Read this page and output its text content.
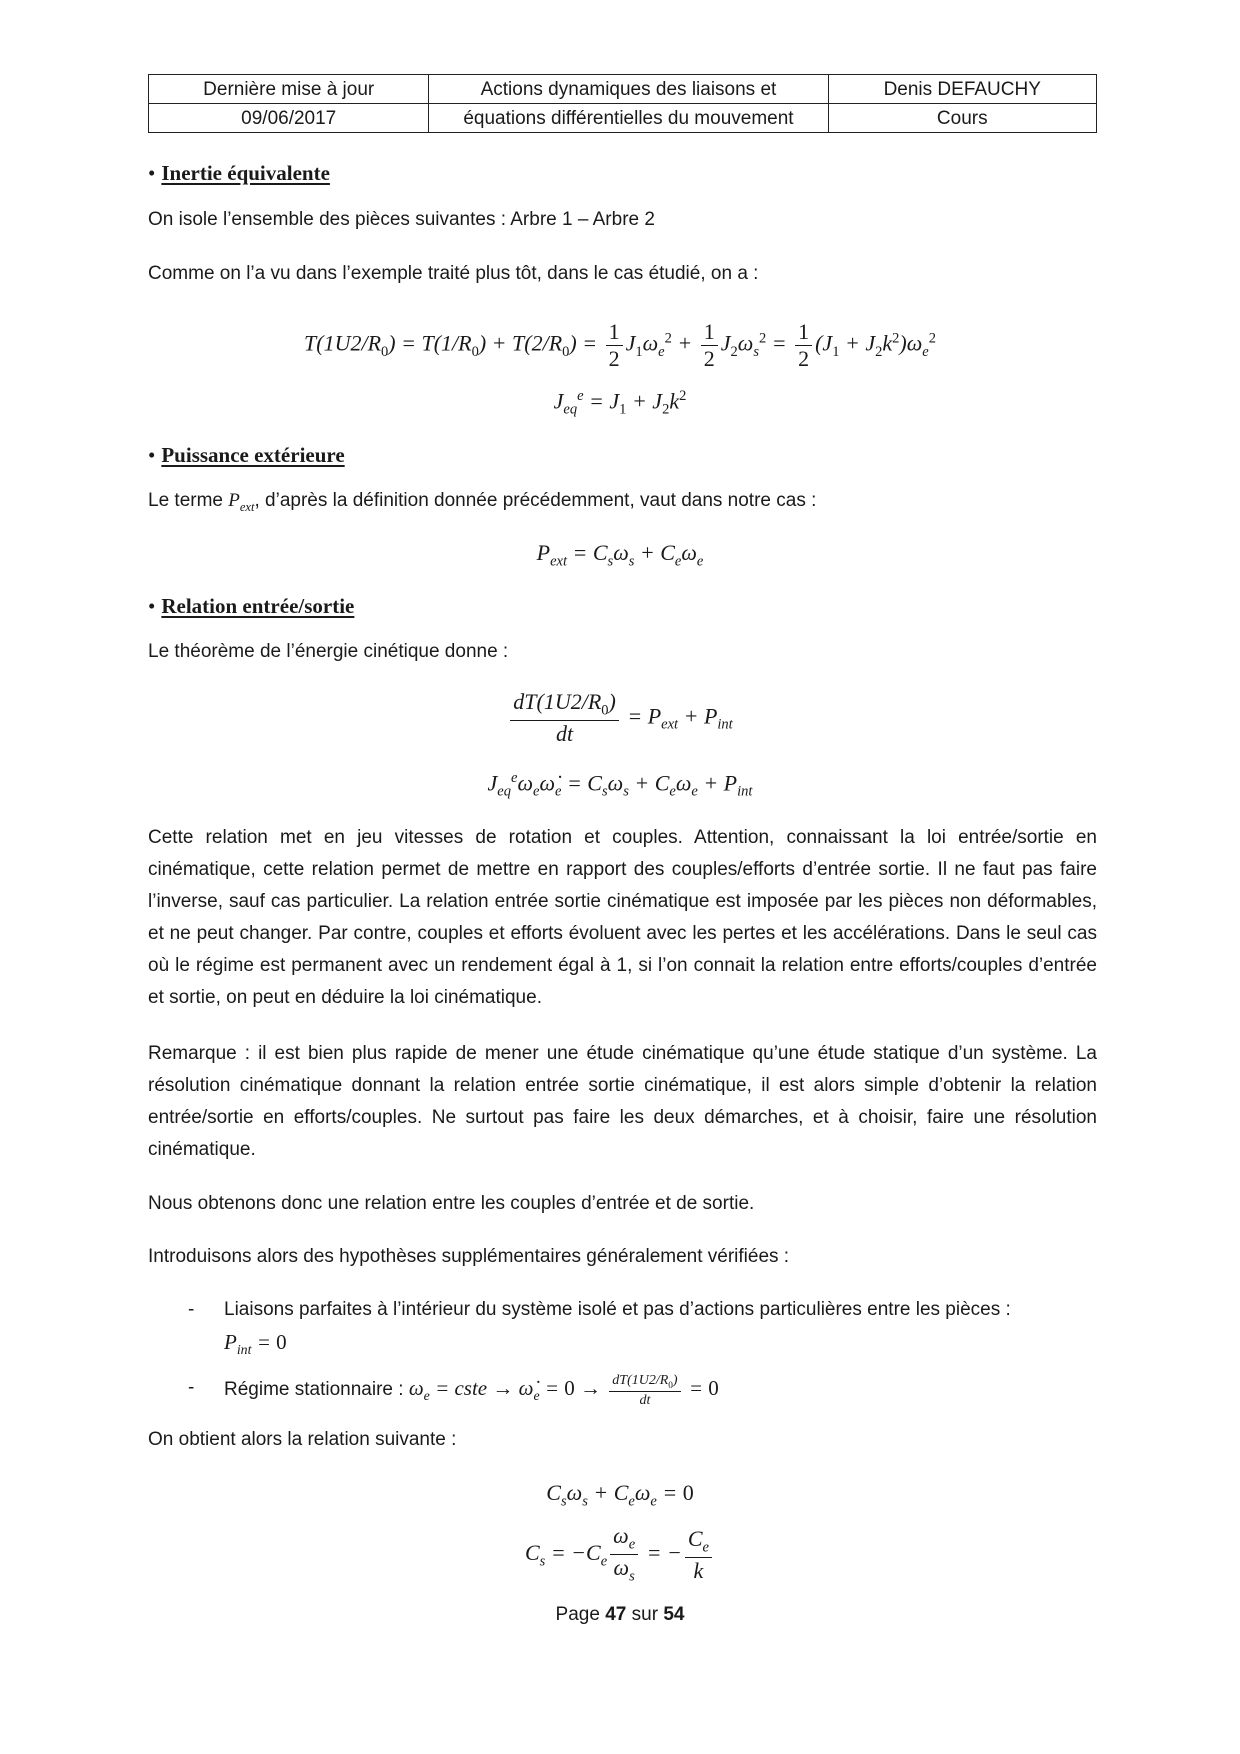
Dernière mise à jour	Actions dynamiques des liaisons et	Denis DEFAUCHY
09/06/2017	équations différentielles du mouvement	Cours
• Inertie équivalente

On isole l’ensemble des pièces suivantes : Arbre 1 – Arbre 2

Comme on l’a vu dans l’exemple traité plus tôt, dans le cas étudié, on a :

$T(1U2/R_0) = T(1/R_0) + T(2/R_0) = \frac{1}{2} J_1\omega_e^2 + \frac{1}{2} J_2\omega_s^2 = \frac{1}{2} (J_1 + J_2k^2)\omega_e^2$
$J_{eq}^e = J_1 + J_2k^2$
• Puissance extérieure

Le terme $P_{ext}$, d’après la définition donnée précédemment, vaut dans notre cas :

$P_{ext} = C_s\omega_s + C_e\omega_e$
• Relation entrée/sortie

Le théorème de l’énergie cinétique donne :

$\frac{dT(1U2/R_0)}{dt} = P_{ext} + P_{int}$
$J_{eq}^e\omega_e\omegȧ_e = C_s\omega_s + C_e\omega_e + P_{int}$

Cette relation met en jeu vitesses de rotation et couples. Attention, connaissant la loi entrée/sortie en cinématique, cette relation permet de mettre en rapport des couples/efforts d’entrée sortie. Il ne faut pas faire l’inverse, sauf cas particulier. La relation entrée sortie cinématique est imposée par les pièces non déformables, et ne peut changer. Par contre, couples et efforts évoluent avec les pertes et les accélérations. Dans le seul cas où le régime est permanent avec un rendement égal à 1, si l’on connait la relation entre efforts/couples d’entrée et sortie, on peut en déduire la loi cinématique.

Remarque : il est bien plus rapide de mener une étude cinématique qu’une étude statique d’un système. La résolution cinématique donnant la relation entrée sortie cinématique, il est alors simple d’obtenir la relation entrée/sortie en efforts/couples. Ne surtout pas faire les deux démarches, et à choisir, faire une résolution cinématique.

Nous obtenons donc une relation entre les couples d’entrée et de sortie.

Introduisons alors des hypothèses supplémentaires généralement vérifiées :

- Liaisons parfaites à l’intérieur du système isolé et pas d’actions particulières entre les pièces :
$P_{int} = 0$
- Régime stationnaire : $\omega_e$ = cste → $\omegȧ_e = 0 \to \frac{dT(1U2/R_0)}{dt} = 0$

On obtient alors la relation suivante :

$C_s\omega_s + C_e\omega_e = 0$
$C_s = -C_e \frac{\omega_e}{\omega_s}$ = − $\frac{C_e}{k}$
Page 47 sur 54
